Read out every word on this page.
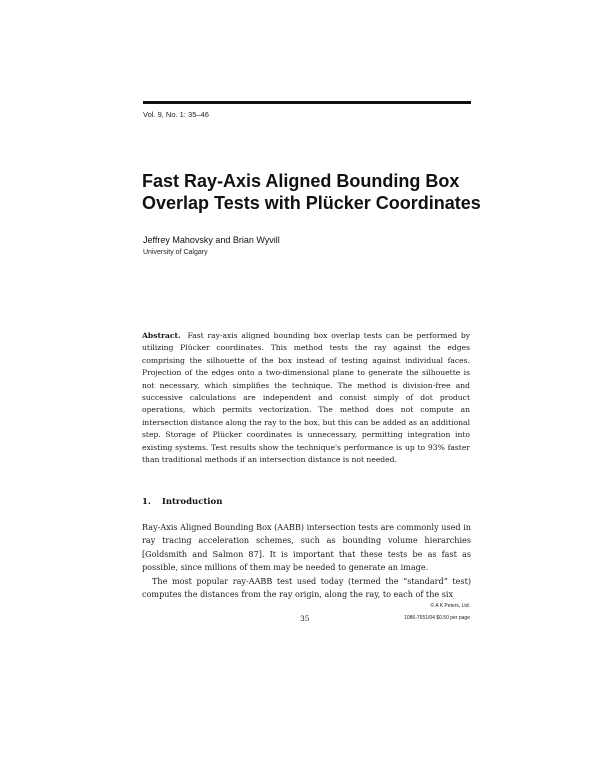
Vol. 9, No. 1: 35–46
Fast Ray-Axis Aligned Bounding Box
Overlap Tests with Plücker Coordinates
Jeffrey Mahovsky and Brian Wyvill
University of Calgary
Abstract. Fast ray-axis aligned bounding box overlap tests can be performed by utilizing Plücker coordinates. This method tests the ray against the edges comprising the silhouette of the box instead of testing against individual faces. Projection of the edges onto a two-dimensional plane to generate the silhouette is not necessary, which simplifies the technique. The method is division-free and successive calculations are independent and consist simply of dot product operations, which permits vectorization. The method does not compute an intersection distance along the ray to the box, but this can be added as an additional step. Storage of Plücker coordinates is unnecessary, permitting integration into existing systems. Test results show the technique's performance is up to 93% faster than traditional methods if an intersection distance is not needed.
1. Introduction

Ray-Axis Aligned Bounding Box (AABB) intersection tests are commonly used in ray tracing acceleration schemes, such as bounding volume hierarchies [Goldsmith and Salmon 87]. It is important that these tests be as fast as possible, since millions of them may be needed to generate an image.

The most popular ray-AABB test used today (termed the “standard” test) computes the distances from the ray origin, along the ray, to each of the six

© A K Peters, Ltd.
35	1086-7651/04 $0.50 per page
